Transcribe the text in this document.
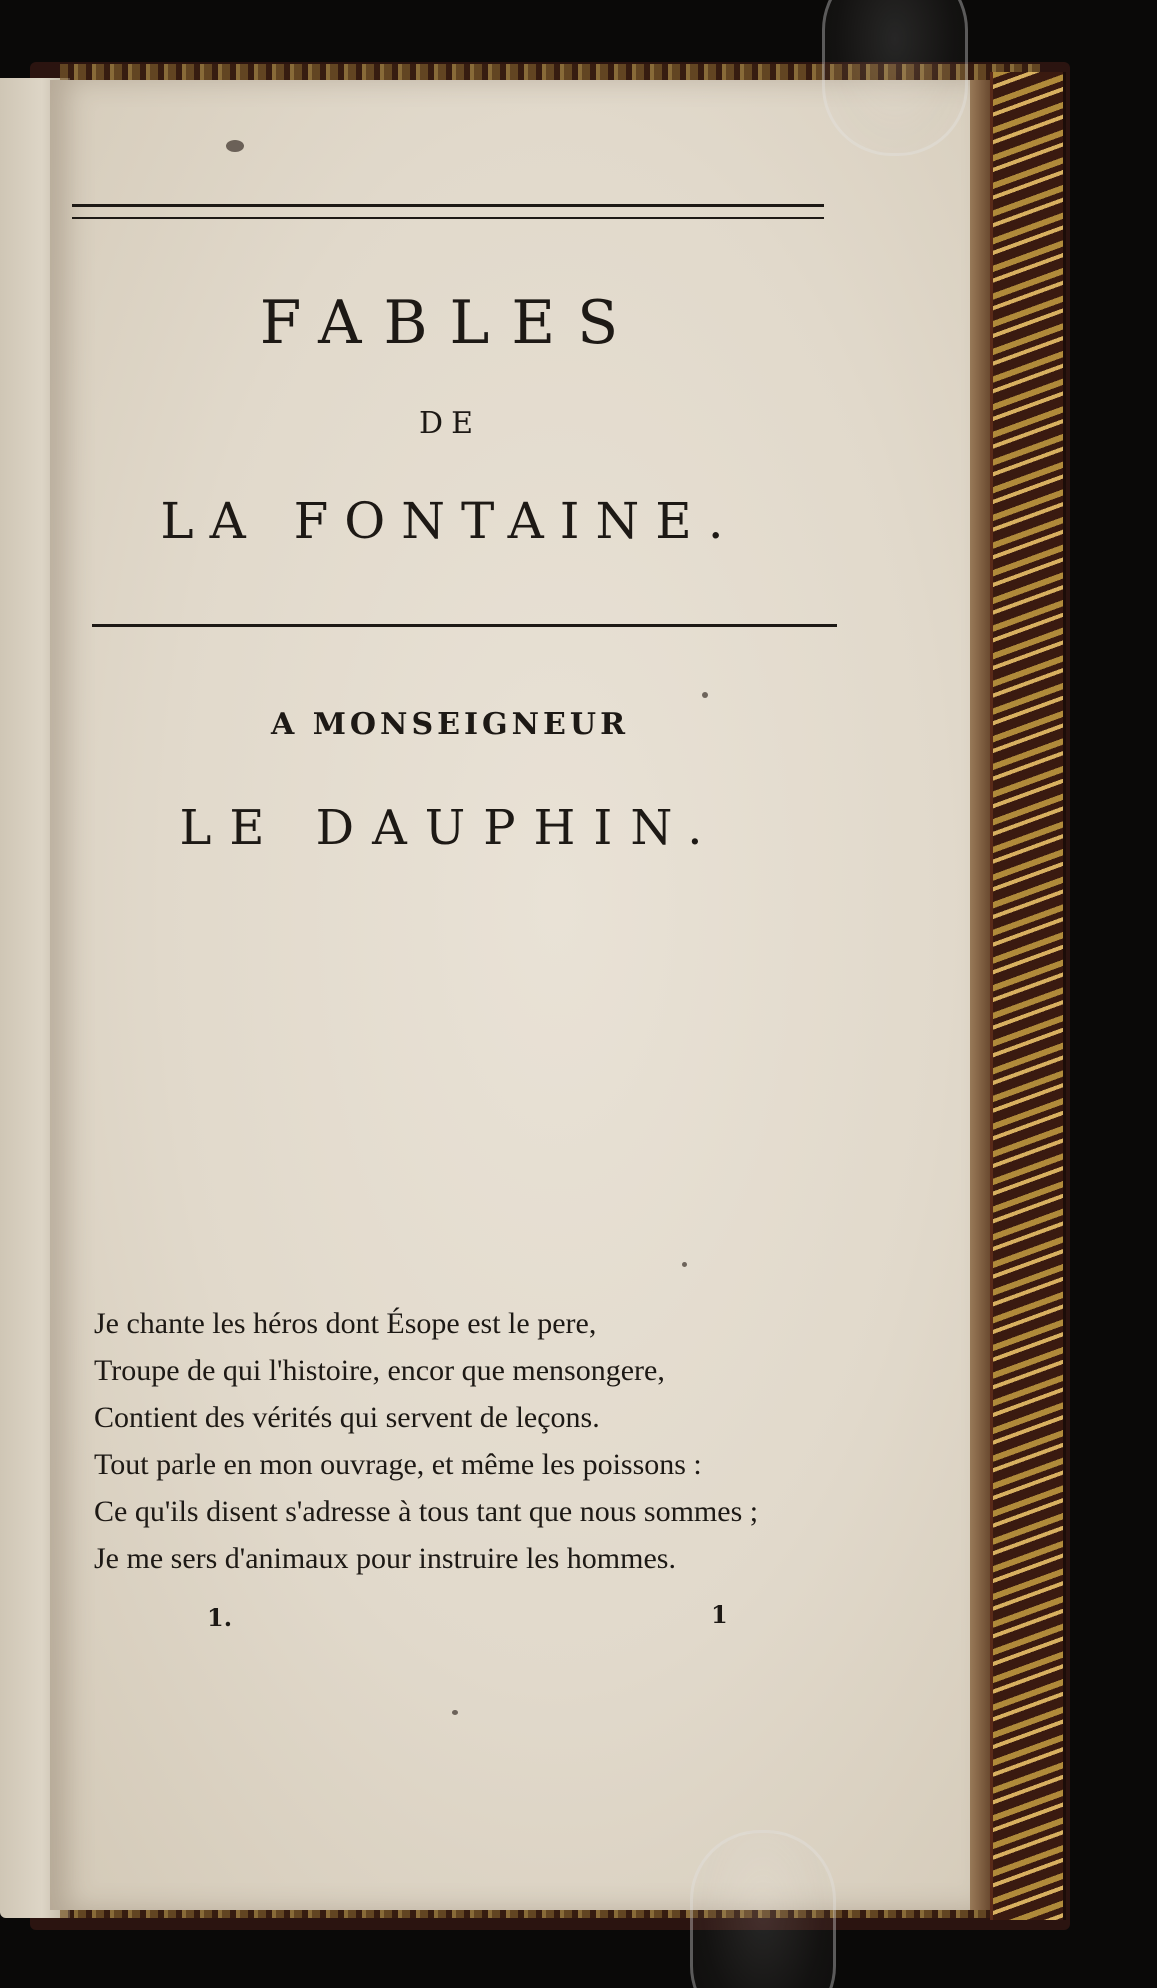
FABLES
DE
LA FONTAINE.
A MONSEIGNEUR
LE DAUPHIN.
Je chante les héros dont Ésope est le pere,
Troupe de qui l'histoire, encor que mensongere,
Contient des vérités qui servent de leçons.
Tout parle en mon ouvrage, et même les poissons :
Ce qu'ils disent s'adresse à tous tant que nous sommes ;
Je me sers d'animaux pour instruire les hommes.
1.	1
